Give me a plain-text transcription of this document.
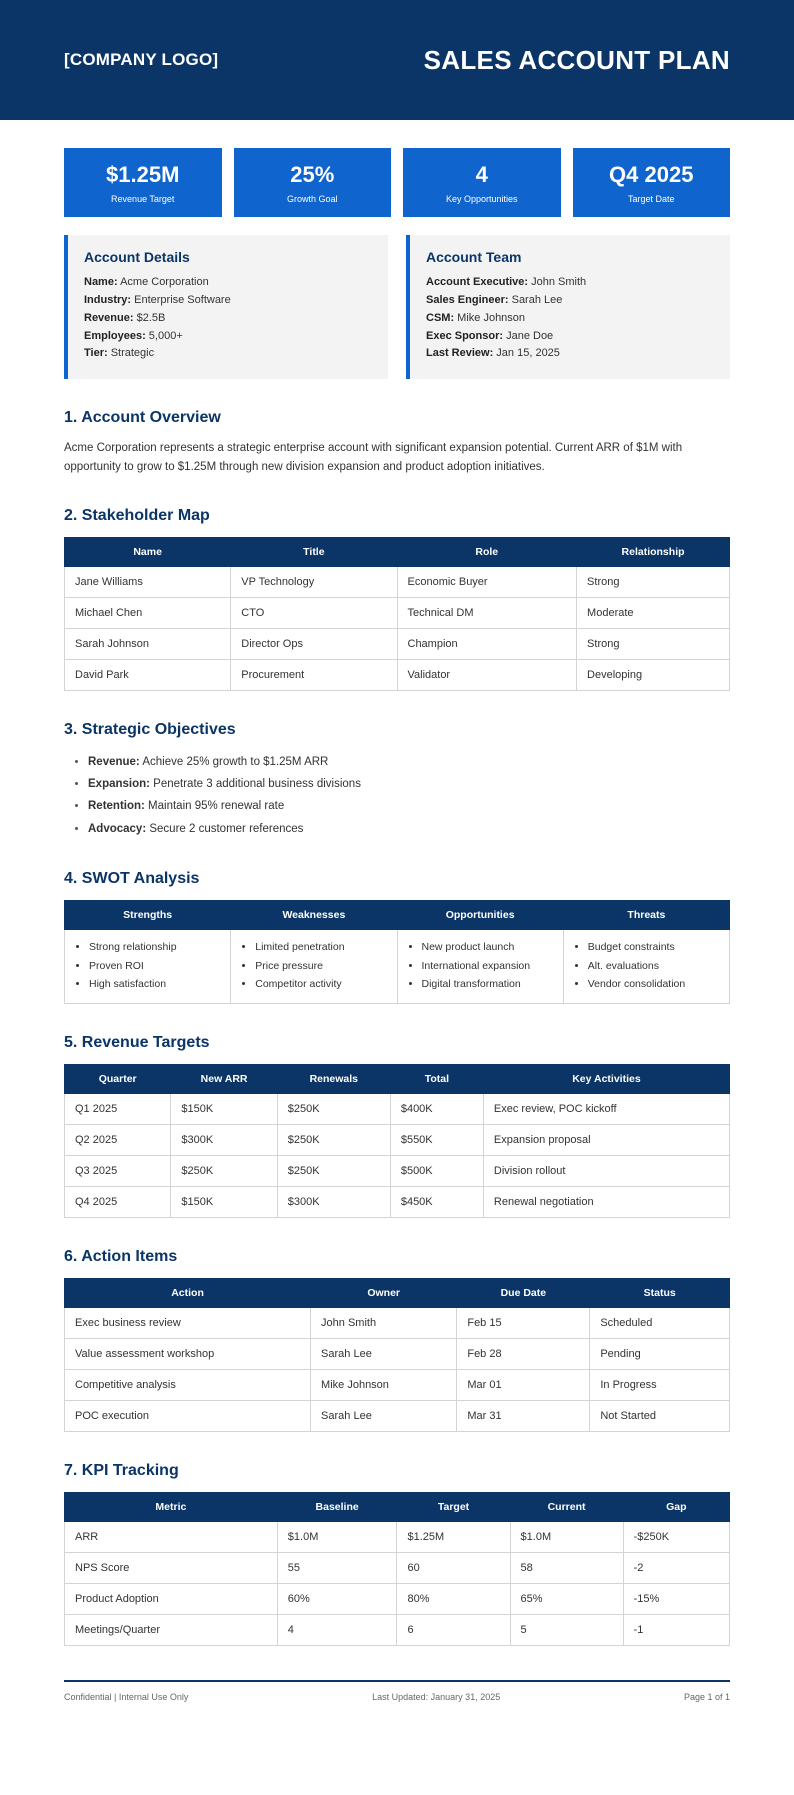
[COMPANY LOGO]	SALES ACCOUNT PLAN
$1.25M
Revenue Target
25%
Growth Goal
4
Key Opportunities
Q4 2025
Target Date
Account Details
Name: Acme Corporation
Industry: Enterprise Software
Revenue: $2.5B
Employees: 5,000+
Tier: Strategic
Account Team
Account Executive: John Smith
Sales Engineer: Sarah Lee
CSM: Mike Johnson
Exec Sponsor: Jane Doe
Last Review: Jan 15, 2025
1. Account Overview

Acme Corporation represents a strategic enterprise account with significant expansion potential. Current ARR of $1M with opportunity to grow to $1.25M through new division expansion and product adoption initiatives.

2. Stakeholder Map
Name	Title	Role	Relationship
Jane Williams	VP Technology	Economic Buyer	Strong
Michael Chen	CTO	Technical DM	Moderate
Sarah Johnson	Director Ops	Champion	Strong
David Park	Procurement	Validator	Developing
3. Strategic Objectives
• Revenue: Achieve 25% growth to $1.25M ARR
• Expansion: Penetrate 3 additional business divisions
• Retention: Maintain 95% renewal rate
• Advocacy: Secure 2 customer references
4. SWOT Analysis
Strengths	Weaknesses	Opportunities	Threats

• Strong relationship
• Proven ROI
• High satisfaction

• Limited penetration
• Price pressure
• Competitor activity

• New product launch
• International expansion
• Digital transformation

• Budget constraints
• Alt. evaluations
• Vendor consolidation
5. Revenue Targets
Quarter	New ARR	Renewals	Total	Key Activities
Q1 2025	$150K	$250K	$400K	Exec review, POC kickoff
Q2 2025	$300K	$250K	$550K	Expansion proposal
Q3 2025	$250K	$250K	$500K	Division rollout
Q4 2025	$150K	$300K	$450K	Renewal negotiation
6. Action Items
Action	Owner	Due Date	Status
Exec business review	John Smith	Feb 15	Scheduled
Value assessment workshop	Sarah Lee	Feb 28	Pending
Competitive analysis	Mike Johnson	Mar 01	In Progress
POC execution	Sarah Lee	Mar 31	Not Started
7. KPI Tracking
Metric	Baseline	Target	Current	Gap
ARR	$1.0M	$1.25M	$1.0M	-$250K
NPS Score	55	60	58	-2
Product Adoption	60%	80%	65%	-15%
Meetings/Quarter	4	6	5	-1
Confidential | Internal Use Only	Last Updated: January 31, 2025	Page 1 of 1
